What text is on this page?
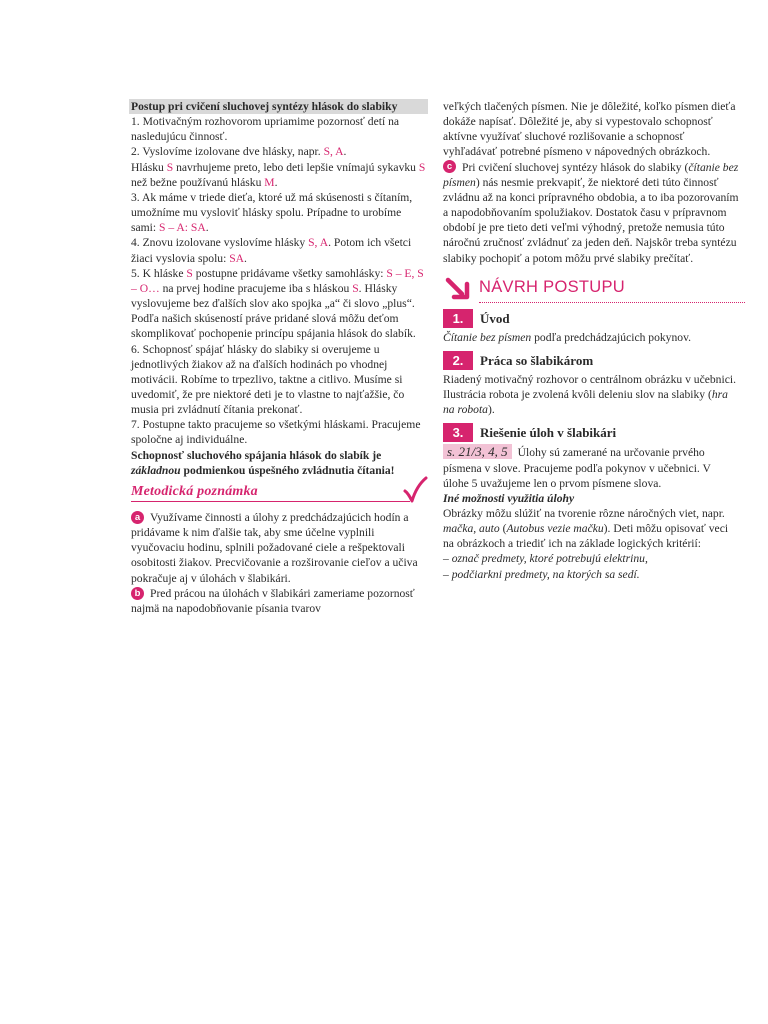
Postup pri cvičení sluchovej syntézy hlások do slabiky

1. Motivačným rozhovorom upriamime pozornosť detí na nasledujúcu činnosť.

2. Vyslovíme izolovane dve hlásky, napr. S, A.
Hlásku S navrhujeme preto, lebo deti lepšie vnímajú sykavku S než bežne používanú hlásku M.

3. Ak máme v triede dieťa, ktoré už má skúsenosti s čítaním, umožníme mu vysloviť hlásky spolu. Prípadne to urobíme sami: S – A: SA.

4. Znovu izolovane vyslovíme hlásky S, A. Potom ich všetci žiaci vyslovia spolu: SA.

5. K hláske S postupne pridávame všetky samohlásky: S – E, S – O… na prvej hodine pracujeme iba s hláskou S. Hlásky vyslovujeme bez ďalších slov ako spojka „a“ či slovo „plus“. Podľa našich skúseností práve pridané slová môžu deťom skomplikovať pochopenie princípu spájania hlások do slabík.

6. Schopnosť spájať hlásky do slabiky si overujeme u jednotlivých žiakov až na ďalších hodinách po vhodnej motivácii. Robíme to trpezlivo, taktne a citlivo. Musíme si uvedomiť, že pre niektoré deti je to vlastne to najťažšie, čo musia pri zvládnutí čítania prekonať.

7. Postupne takto pracujeme so všetkými hláskami. Pracujeme spoločne aj individuálne.

Schopnosť sluchového spájania hlások do slabík je základnou podmienkou úspešného zvládnutia čítania!

Metodická poznámka

a Využívame činnosti a úlohy z predchádzajúcich hodín a pridávame k nim ďalšie tak, aby sme účelne vyplnili vyučovaciu hodinu, splnili požadované ciele a rešpektovali osobitosti žiakov. Precvičovanie a rozširovanie cieľov a učiva pokračuje aj v úlohách v šlabikári.

b Pred prácou na úlohách v šlabikári zameriame pozornosť najmä na napodobňovanie písania tvarov

veľkých tlačených písmen. Nie je dôležité, koľko písmen dieťa dokáže napísať. Dôležité je, aby si vypestovalo schopnosť aktívne využívať sluchové rozlišovanie a schopnosť vyhľadávať potrebné písmeno v nápovedných obrázkoch.

c Pri cvičení sluchovej syntézy hlások do slabiky (čítanie bez písmen) nás nesmie prekvapiť, že niektoré deti túto činnosť zvládnu až na konci prípravného obdobia, a to iba pozorovaním a napodobňovaním spolužiakov. Dostatok času v prípravnom období je pre tieto deti veľmi výhodný, pretože nemusia túto náročnú zručnosť zvládnuť za jeden deň. Najskôr treba syntézu slabiky pochopiť a potom môžu prvé slabiky prečítať.

NÁVRH POSTUPU
1.	Úvod

Čítanie bez písmen podľa predchádzajúcich pokynov.

2.	Práca so šlabikárom

Riadený motivačný rozhovor o centrálnom obrázku v učebnici. Ilustrácia robota je zvolená kvôli deleniu slov na slabiky (hra na robota).

3.	Riešenie úloh v šlabikári

s. 21/3, 4, 5 Úlohy sú zamerané na určovanie prvého písmena v slove. Pracujeme podľa pokynov v učebnici. V úlohe 5 uvažujeme len o prvom písmene slova.

Iné možnosti využitia úlohy

Obrázky môžu slúžiť na tvorenie rôzne náročných viet, napr. mačka, auto (Autobus vezie mačku). Deti môžu opisovať veci na obrázkoch a triediť ich na základe logických kritérií:

– označ predmety, ktoré potrebujú elektrinu,

– podčiarkni predmety, na ktorých sa sedí.
